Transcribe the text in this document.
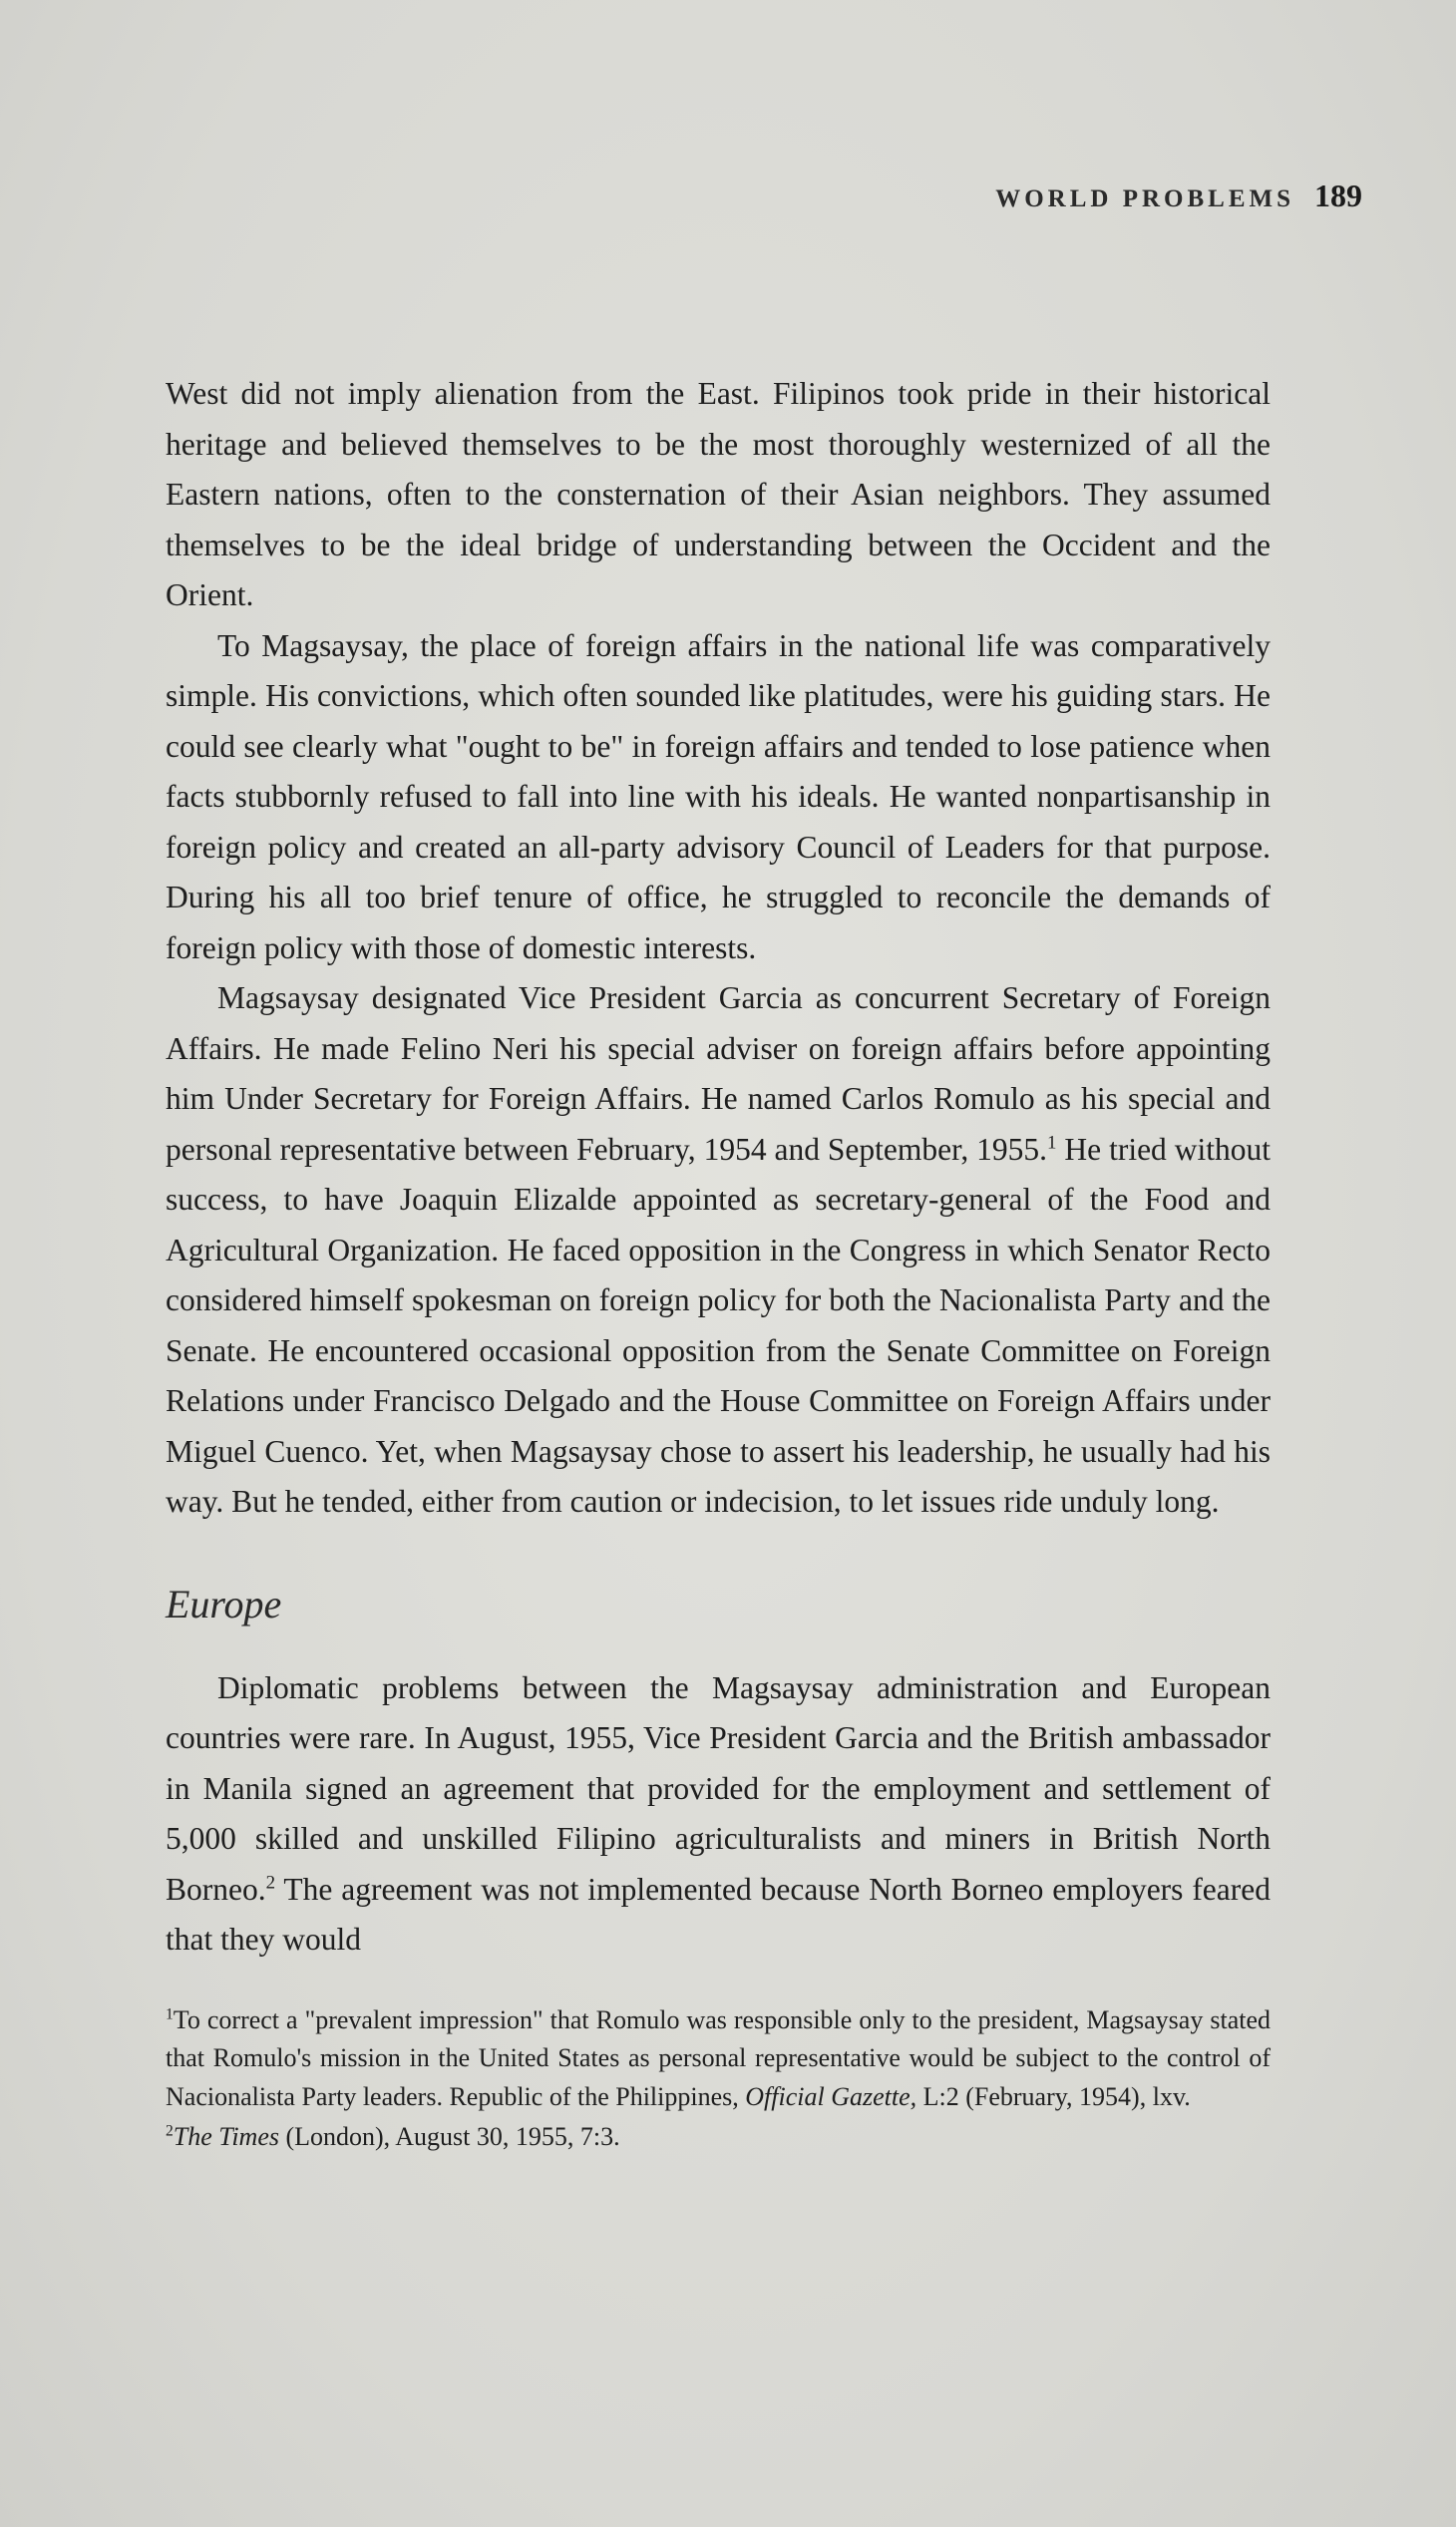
WORLD PROBLEMS 189

West did not imply alienation from the East. Filipinos took pride in their historical heritage and believed themselves to be the most thoroughly westernized of all the Eastern nations, often to the consternation of their Asian neighbors. They assumed themselves to be the ideal bridge of understanding between the Occident and the Orient.

To Magsaysay, the place of foreign affairs in the national life was comparatively simple. His convictions, which often sounded like platitudes, were his guiding stars. He could see clearly what "ought to be" in foreign affairs and tended to lose patience when facts stubbornly refused to fall into line with his ideals. He wanted nonpartisanship in foreign policy and created an all-party advisory Council of Leaders for that purpose. During his all too brief tenure of office, he struggled to reconcile the demands of foreign policy with those of domestic interests.

Magsaysay designated Vice President Garcia as concurrent Secretary of Foreign Affairs. He made Felino Neri his special adviser on foreign affairs before appointing him Under Secretary for Foreign Affairs. He named Carlos Romulo as his special and personal representative between February, 1954 and September, 1955.$^1$ He tried without success, to have Joaquin Elizalde appointed as secretary-general of the Food and Agricultural Organization. He faced opposition in the Congress in which Senator Recto considered himself spokesman on foreign policy for both the Nacionalista Party and the Senate. He encountered occasional opposition from the Senate Committee on Foreign Relations under Francisco Delgado and the House Committee on Foreign Affairs under Miguel Cuenco. Yet, when Magsaysay chose to assert his leadership, he usually had his way. But he tended, either from caution or indecision, to let issues ride unduly long.

Europe

Diplomatic problems between the Magsaysay administration and European countries were rare. In August, 1955, Vice President Garcia and the British ambassador in Manila signed an agreement that provided for the employment and settlement of 5,000 skilled and unskilled Filipino agriculturalists and miners in British North Borneo.$^2$ The agreement was not implemented because North Borneo employers feared that they would

$^1$To correct a "prevalent impression" that Romulo was responsible only to the president, Magsaysay stated that Romulo's mission in the United States as personal representative would be subject to the control of Nacionalista Party leaders. Republic of the Philippines, Official Gazette, L:2 (February, 1954), lxv.

$^2$The Times (London), August 30, 1955, 7:3.
